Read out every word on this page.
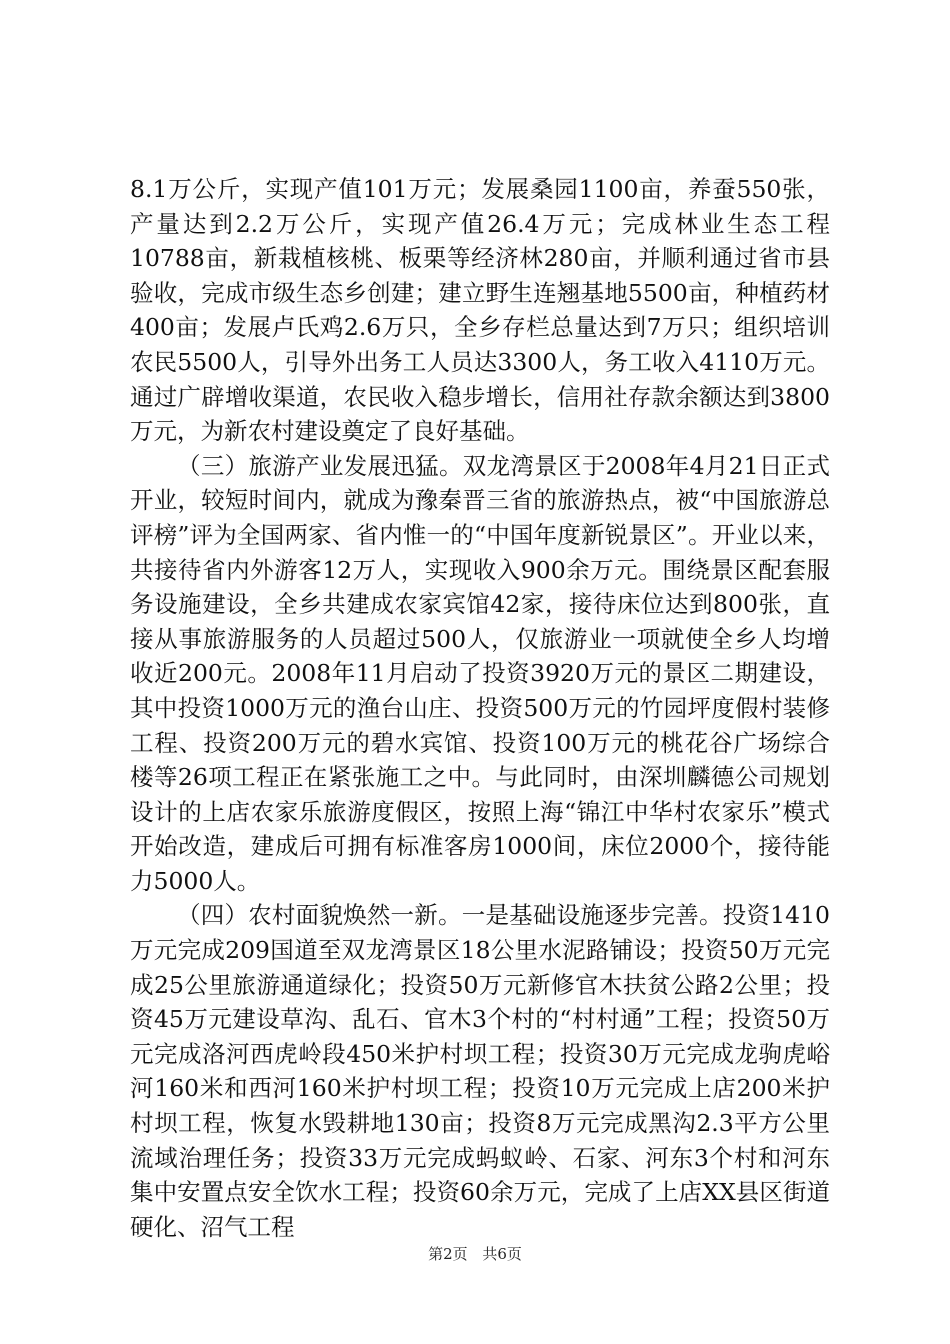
8.1万公斤，实现产值101万元；发展桑园1100亩，养蚕550张，产量达到2.2万公斤，实现产值26.4万元；完成林业生态工程10788亩，新栽植核桃、板栗等经济林280亩，并顺利通过省市县验收，完成市级生态乡创建；建立野生连翘基地5500亩，种植药材400亩；发展卢氏鸡2.6万只，全乡存栏总量达到7万只；组织培训农民5500人，引导外出务工人员达3300人，务工收入4110万元。通过广辟增收渠道，农民收入稳步增长，信用社存款余额达到3800万元，为新农村建设奠定了良好基础。

（三）旅游产业发展迅猛。双龙湾景区于2008年4月21日正式开业，较短时间内，就成为豫秦晋三省的旅游热点，被“中国旅游总评榜”评为全国两家、省内惟一的“中国年度新锐景区”。开业以来，共接待省内外游客12万人，实现收入900余万元。围绕景区配套服务设施建设，全乡共建成农家宾馆42家，接待床位达到800张，直接从事旅游服务的人员超过500人，仅旅游业一项就使全乡人均增收近200元。2008年11月启动了投资3920万元的景区二期建设，其中投资1000万元的渔台山庄、投资500万元的竹园坪度假村装修工程、投资200万元的碧水宾馆、投资100万元的桃花谷广场综合楼等26项工程正在紧张施工之中。与此同时，由深圳麟德公司规划设计的上店农家乐旅游度假区，按照上海“锦江中华村农家乐”模式开始改造，建成后可拥有标准客房1000间，床位2000个，接待能力5000人。

（四）农村面貌焕然一新。一是基础设施逐步完善。投资1410万元完成209国道至双龙湾景区18公里水泥路铺设；投资50万元完成25公里旅游通道绿化；投资50万元新修官木扶贫公路2公里；投资45万元建设草沟、乱石、官木3个村的“村村通”工程；投资50万元完成洛河西虎岭段450米护村坝工程；投资30万元完成龙驹虎峪河160米和西河160米护村坝工程；投资10万元完成上店200米护村坝工程，恢复水毁耕地130亩；投资8万元完成黑沟2.3平方公里流域治理任务；投资33万元完成蚂蚁岭、石家、河东3个村和河东集中安置点安全饮水工程；投资60余万元，完成了上店XX县区街道硬化、沼气工程

第2页 共6页
